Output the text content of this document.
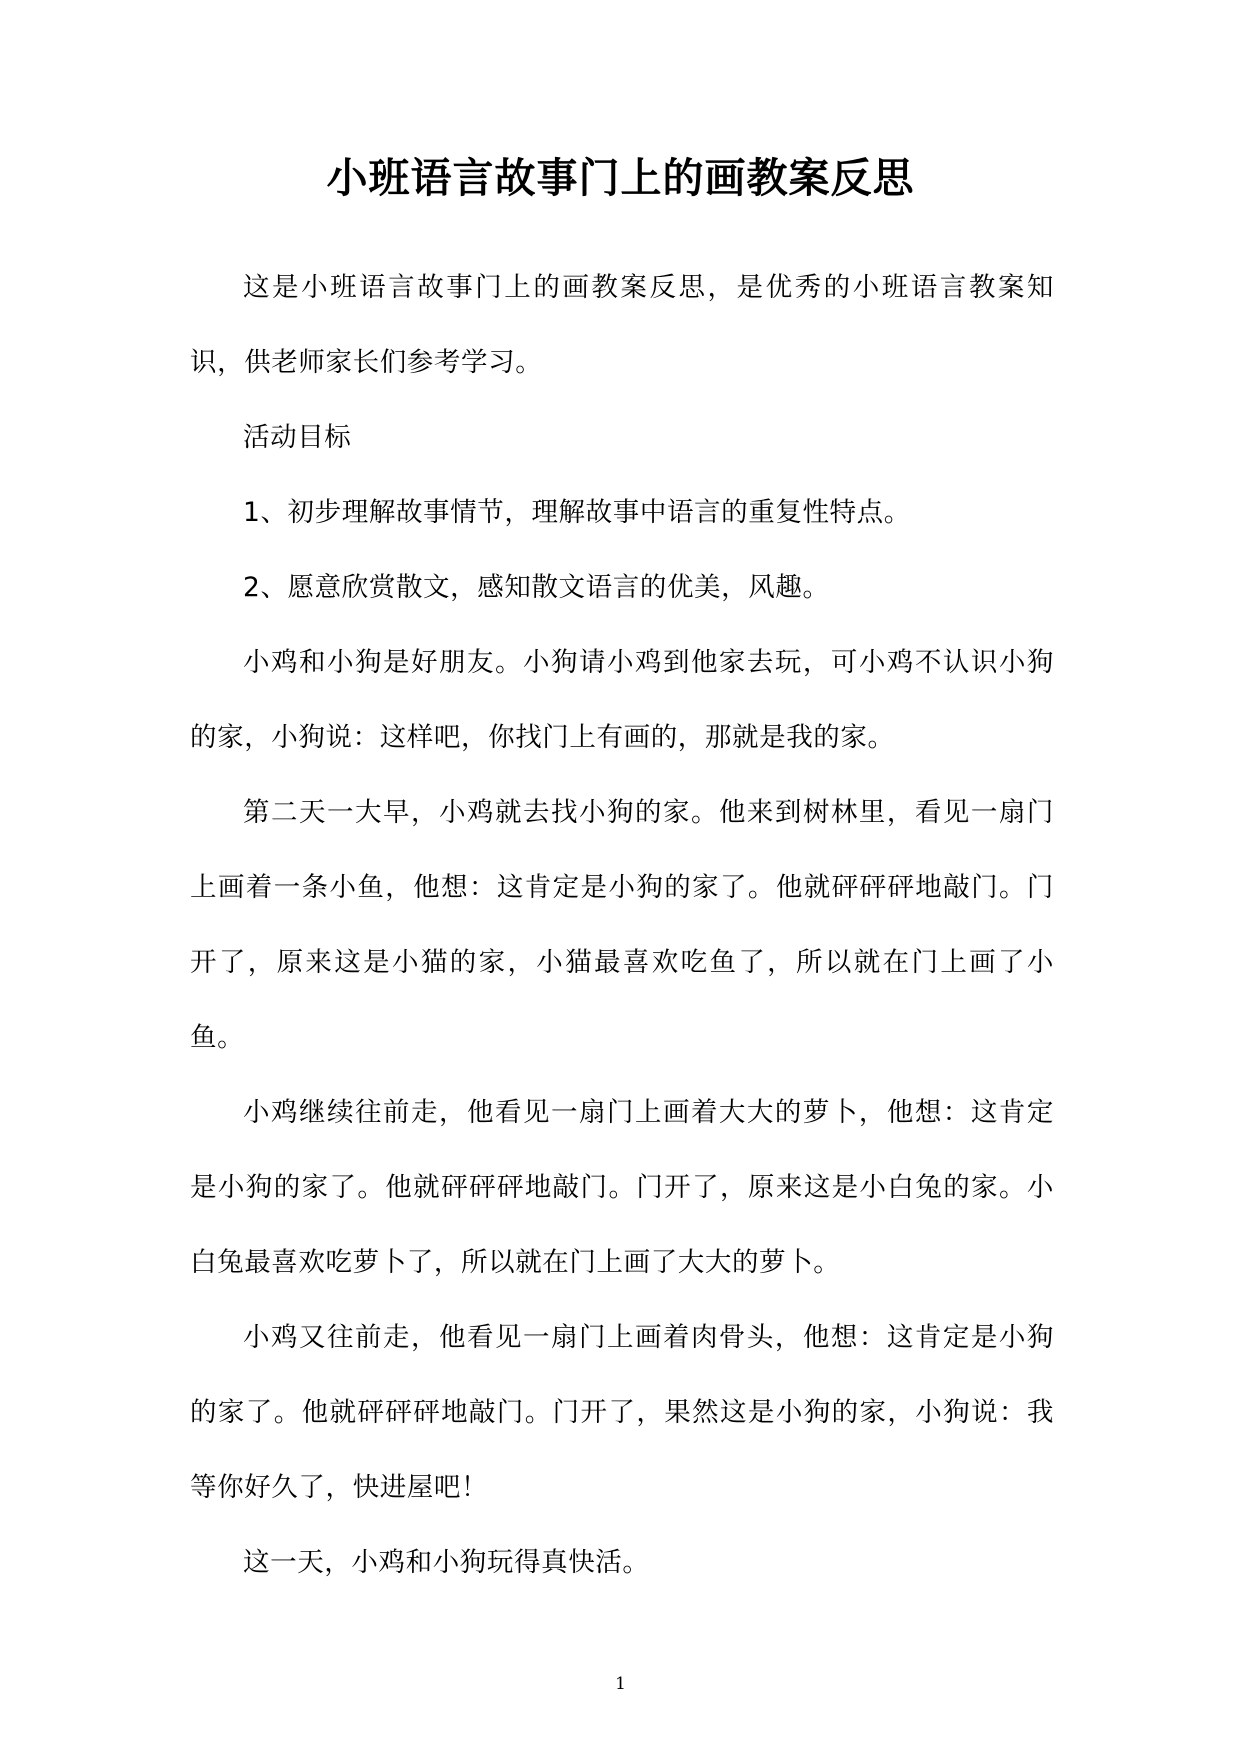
小班语言故事门上的画教案反思

这是小班语言故事门上的画教案反思，是优秀的小班语言教案知识，供老师家长们参考学习。

活动目标

1、初步理解故事情节，理解故事中语言的重复性特点。

2、愿意欣赏散文，感知散文语言的优美，风趣。

小鸡和小狗是好朋友。小狗请小鸡到他家去玩，可小鸡不认识小狗的家，小狗说：这样吧，你找门上有画的，那就是我的家。

第二天一大早，小鸡就去找小狗的家。他来到树林里，看见一扇门上画着一条小鱼，他想：这肯定是小狗的家了。他就砰砰砰地敲门。门开了，原来这是小猫的家，小猫最喜欢吃鱼了，所以就在门上画了小鱼。

小鸡继续往前走，他看见一扇门上画着大大的萝卜，他想：这肯定是小狗的家了。他就砰砰砰地敲门。门开了，原来这是小白兔的家。小白兔最喜欢吃萝卜了，所以就在门上画了大大的萝卜。

小鸡又往前走，他看见一扇门上画着肉骨头，他想：这肯定是小狗的家了。他就砰砰砰地敲门。门开了，果然这是小狗的家，小狗说：我等你好久了，快进屋吧！

这一天，小鸡和小狗玩得真快活。

1
